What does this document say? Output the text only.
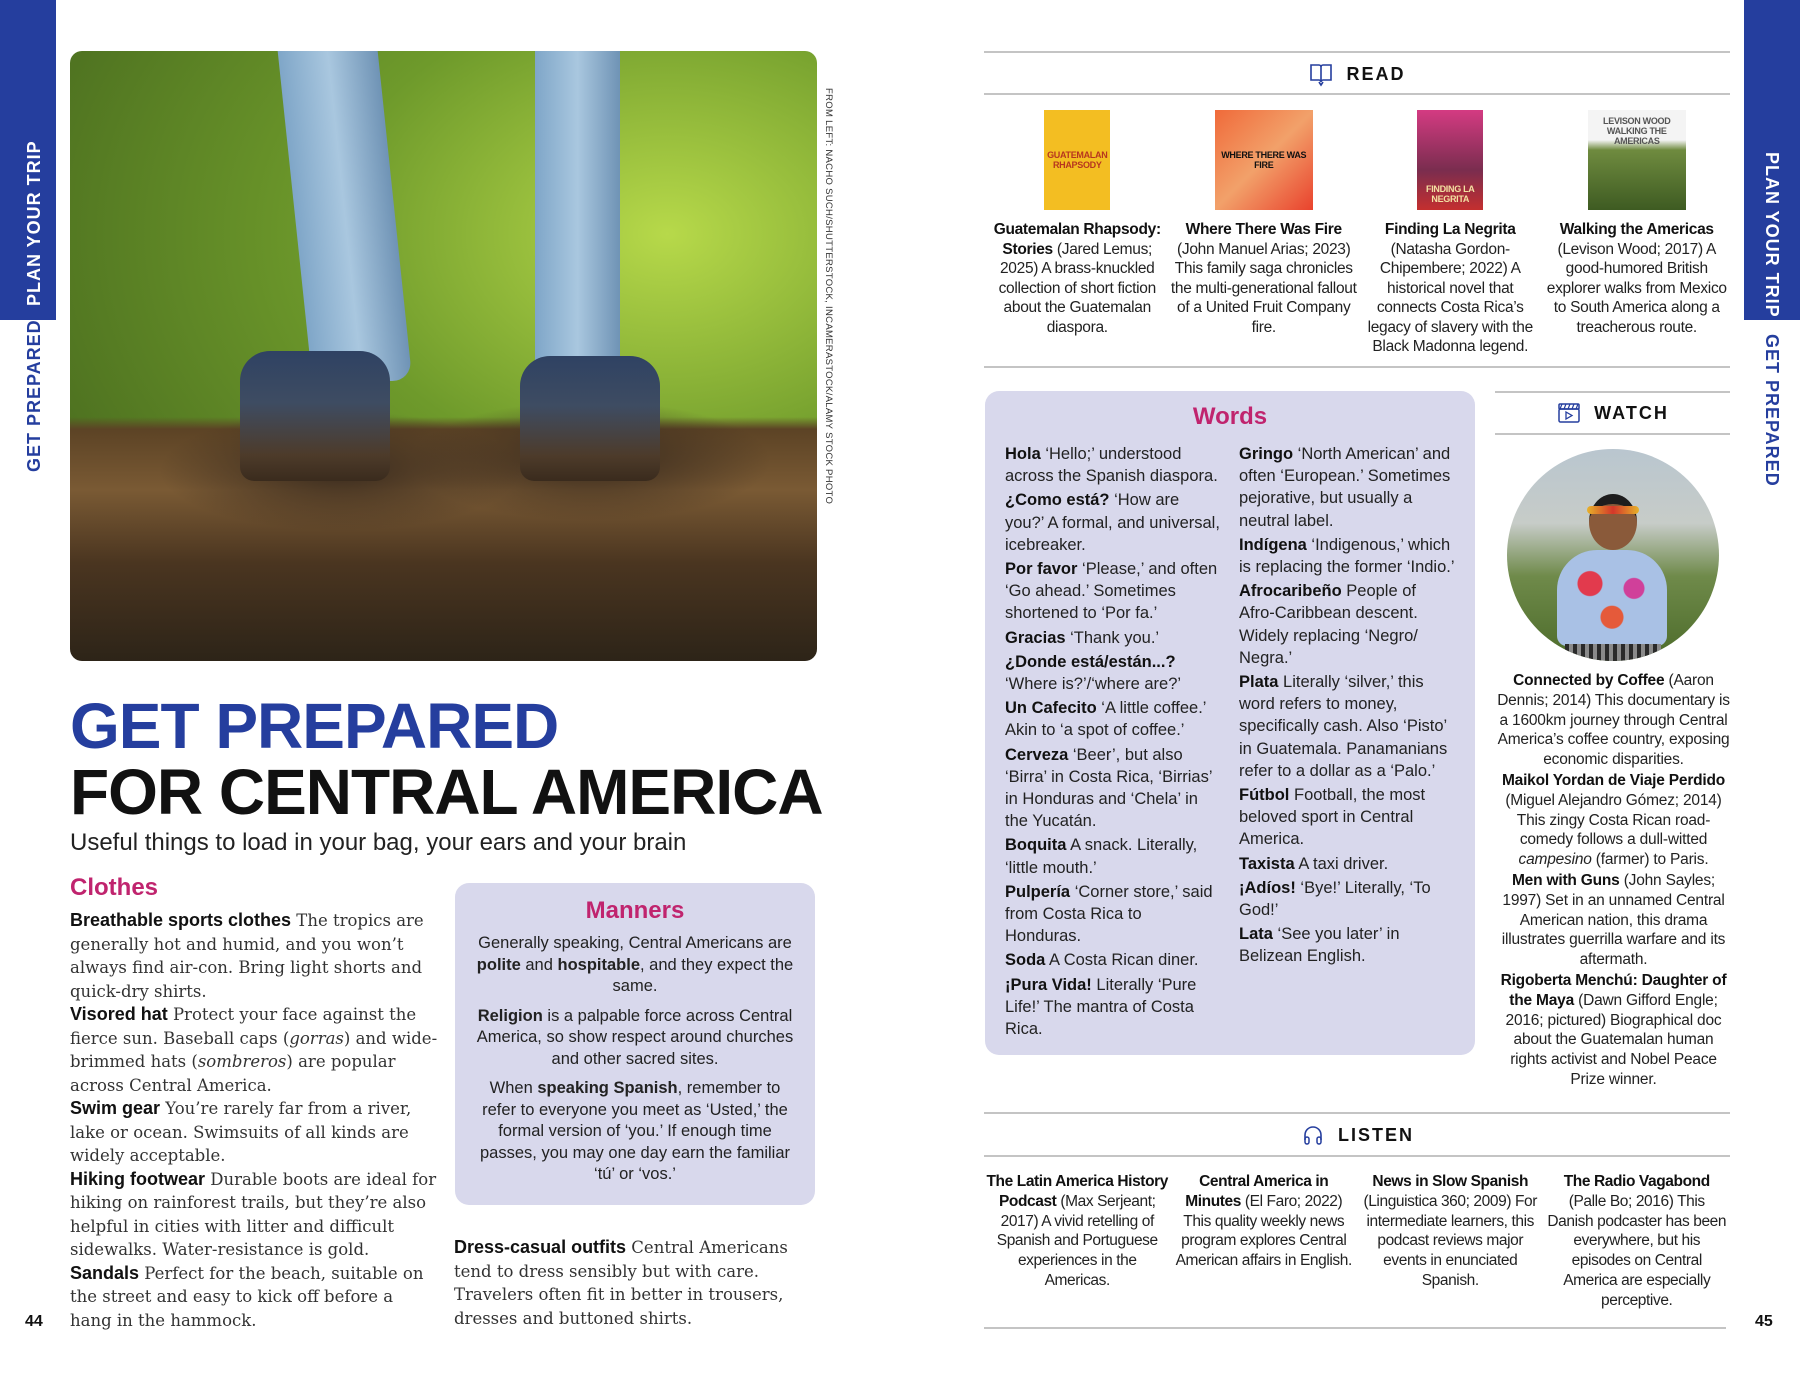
PLAN YOUR TRIP
GET PREPARED
PLAN YOUR TRIP
GET PREPARED
FROM LEFT: NACHO SUCH/SHUTTERSTOCK, INCAMERASTOCK/ALAMY STOCK PHOTO
GET PREPARED
FOR CENTRAL AMERICA
Useful things to load in your bag, your ears and your brain
Clothes
Breathable sports clothes The tropics are generally hot and humid, and you won’t always find air-con. Bring light shorts and quick-dry shirts.
Visored hat Protect your face against the fierce sun. Baseball caps (gorras) and wide-brimmed hats (sombreros) are popular across Central America.
Swim gear You’re rarely far from a river, lake or ocean. Swimsuits of all kinds are widely acceptable.
Hiking footwear Durable boots are ideal for hiking on rainforest trails, but they’re also helpful in cities with litter and difficult sidewalks. Water-resistance is gold.
Sandals Perfect for the beach, suitable on the street and easy to kick off before a hang in the hammock.
Dress-casual outfits Central Americans tend to dress sensibly but with care. Travelers often fit in better in trousers, dresses and buttoned shirts.
Manners

Generally speaking, Central Americans are polite and hospitable, and they expect the same.

Religion is a palpable force across Central America, so show respect around churches and other sacred sites.

When speaking Spanish, remember to refer to everyone you meet as ‘Usted,’ the formal version of ‘you.’ If enough time passes, you may one day earn the familiar ‘tú’ or ‘vos.’

44
READ
GUATEMALAN RHAPSODY
Guatemalan Rhapsody: Stories (Jared Lemus; 2025) A brass-knuckled collection of short fiction about the Guatemalan diaspora.
WHERE THERE WAS FIRE
Where There Was Fire (John Manuel Arias; 2023) This family saga chronicles the multi-generational fallout of a United Fruit Company fire.
FINDING LA NEGRITA
Finding La Negrita (Natasha Gordon-Chipembere; 2022) A historical novel that connects Costa Rica’s legacy of slavery with the Black Madonna legend.
LEVISON WOOD WALKING THE AMERICAS
Walking the Americas (Levison Wood; 2017) A good-humored British explorer walks from Mexico to South America along a treacherous route.
Words

Hola ‘Hello;’ understood across the Spanish diaspora.

¿Como está? ‘How are you?’ A formal, and universal, icebreaker.

Por favor ‘Please,’ and often ‘Go ahead.’ Sometimes shortened to ‘Por fa.’

Gracias ‘Thank you.’

¿Donde está/están...? ‘Where is?’/‘where are?’

Un Cafecito ‘A little coffee.’ Akin to ‘a spot of coffee.’

Cerveza ‘Beer’, but also ‘Birra’ in Costa Rica, ‘Birrias’ in Honduras and ‘Chela’ in the Yucatán.

Boquita A snack. Literally, ‘little mouth.’

Pulpería ‘Corner store,’ said from Costa Rica to Honduras.

Soda A Costa Rican diner.

¡Pura Vida! Literally ‘Pure Life!’ The mantra of Costa Rica.

Gringo ‘North American’ and often ‘European.’ Sometimes pejorative, but usually a neutral label.

Indígena ‘Indigenous,’ which is replacing the former ‘Indio.’

Afrocaribeño People of Afro-Caribbean descent. Widely replacing ‘Negro/ Negra.’

Plata Literally ‘silver,’ this word refers to money, specifically cash. Also ‘Pisto’ in Guatemala. Panamanians refer to a dollar as a ‘Palo.’

Fútbol Football, the most beloved sport in Central America.

Taxista A taxi driver.

¡Adíos! ‘Bye!’ Literally, ‘To God!’

Lata ‘See you later’ in Belizean English.

WATCH

Connected by Coffee (Aaron Dennis; 2014) This documentary is a 1600km journey through Central America’s coffee country, exposing economic disparities.

Maikol Yordan de Viaje Perdido (Miguel Alejandro Gómez; 2014) This zingy Costa Rican road-comedy follows a dull-witted campesino (farmer) to Paris.

Men with Guns (John Sayles; 1997) Set in an unnamed Central American nation, this drama illustrates guerrilla warfare and its aftermath.

Rigoberta Menchú: Daughter of the Maya (Dawn Gifford Engle; 2016; pictured) Biographical doc about the Guatemalan human rights activist and Nobel Peace Prize winner.

LISTEN
The Latin America History Podcast (Max Serjeant; 2017) A vivid retelling of Spanish and Portuguese experiences in the Americas.
Central America in Minutes (El Faro; 2022) This quality weekly news program explores Central American affairs in English.
News in Slow Spanish (Linguistica 360; 2009) For intermediate learners, this podcast reviews major events in enunciated Spanish.
The Radio Vagabond (Palle Bo; 2016) This Danish podcaster has been everywhere, but his episodes on Central America are especially perceptive.
45
